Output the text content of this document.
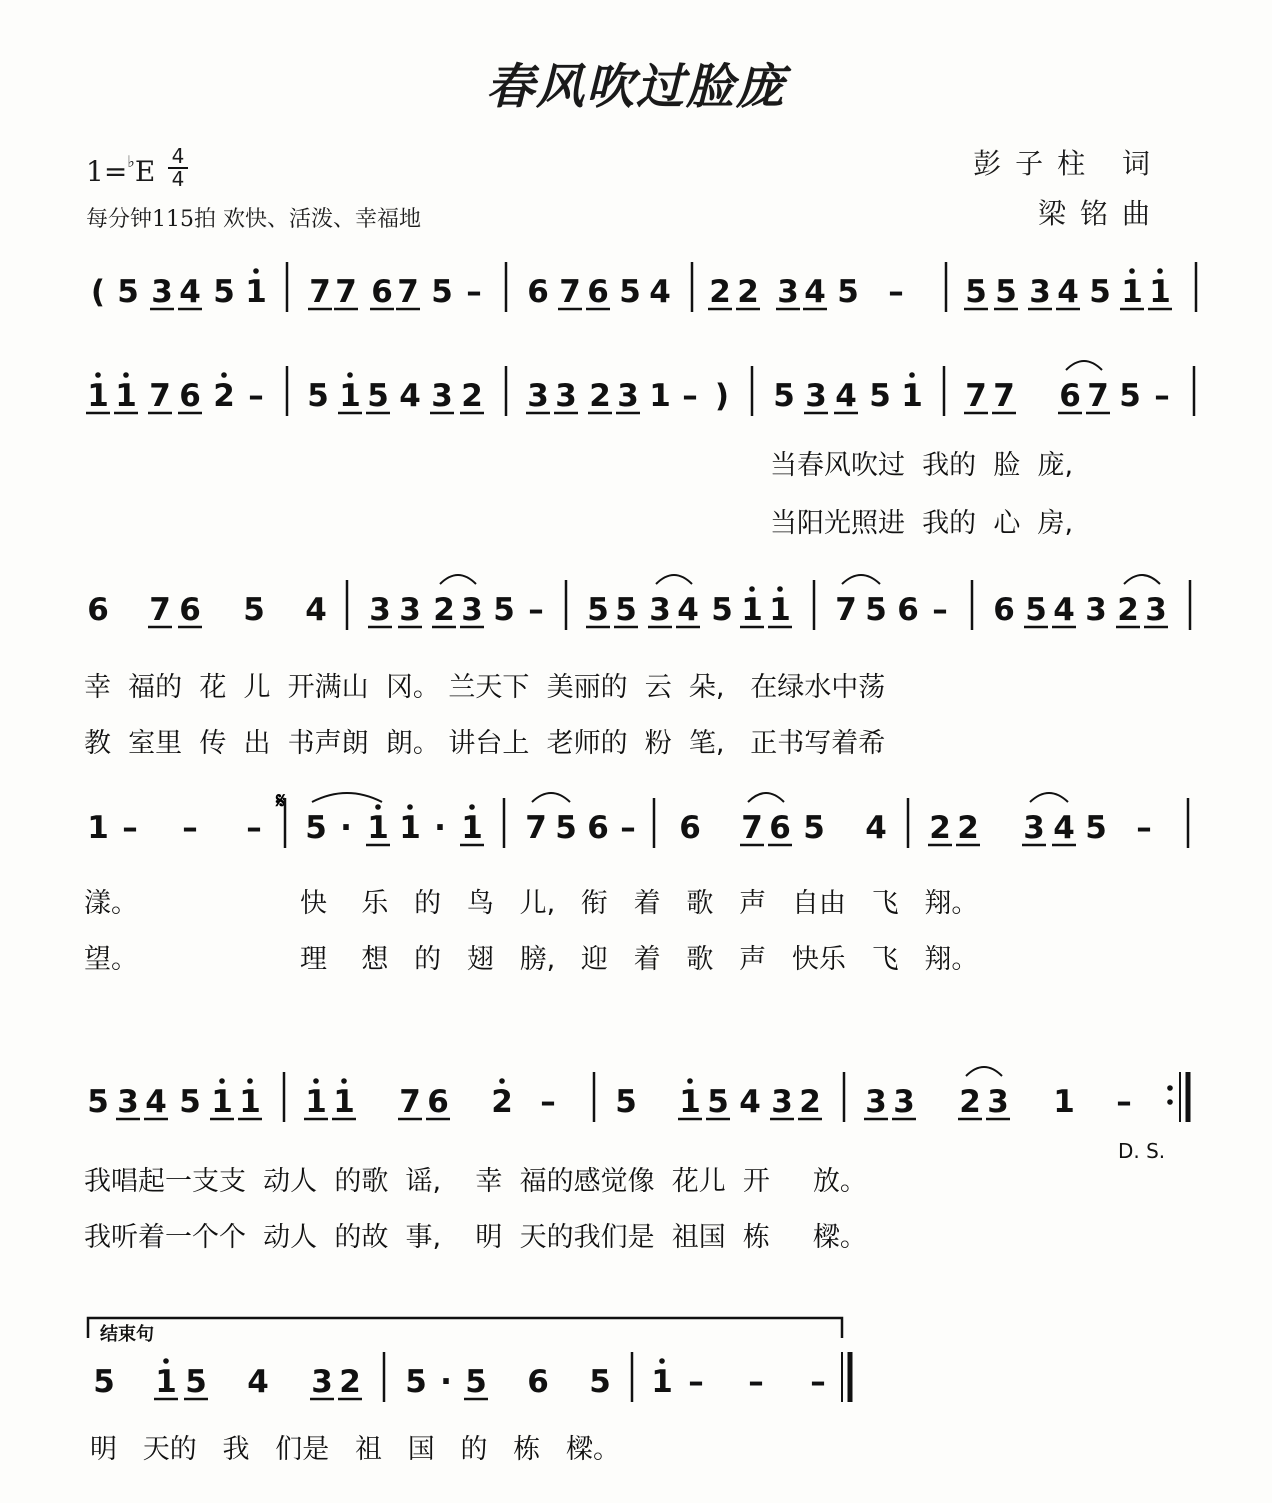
春风吹过脸庞
1=♭E 4
4
每分钟115拍 欢快、活泼、幸福地
彭子柱 词
梁铭曲
结束句
D. S.
𝄋
( 5 3 4 5 1 7 7 6 7 5 – 6 7 6 5 4 2 2 3 4 5 – 5 5 3 4 5 1 1
1 1 7 6 2 – 5 1 5 4 3 2 3 3 2 3 1 – ) 5 3 4 5 1 7 7 6 7 5 –
6 7 6 5 4 3 3 2 3 5 – 5 5 3 4 5 1 1 7 5 6 – 6 5 4 3 2 3
1 – – – 5 · 1 1 · 1 7 5 6 – 6 7 6 5 4 2 2 3 4 5 –
5 3 4 5 1 1 1 1 7 6 2 – 5 1 5 4 3 2 3 3 2 3 1 –
5 1 5 4 3 2 5 · 5 6 5 1 – – –
当春风吹过  我的  脸  庞,
当阳光照进  我的  心  房,
幸  福的  花  儿  开满山  冈。 兰天下  美丽的  云  朵,   在绿水中荡
教  室里  传  出  书声朗  朗。 讲台上  老师的  粉  笔,   正书写着希
漾。
望。
快    乐   的   鸟   儿,   衔   着   歌   声   自由   飞   翔。
理    想   的   翅   膀,   迎   着   歌   声   快乐   飞   翔。
我唱起一支支  动人  的歌  谣,    幸  福的感觉像  花儿  开     放。
我听着一个个  动人  的故  事,    明  天的我们是  祖国  栋     樑。
明   天的   我   们是   祖   国   的   栋   樑。
